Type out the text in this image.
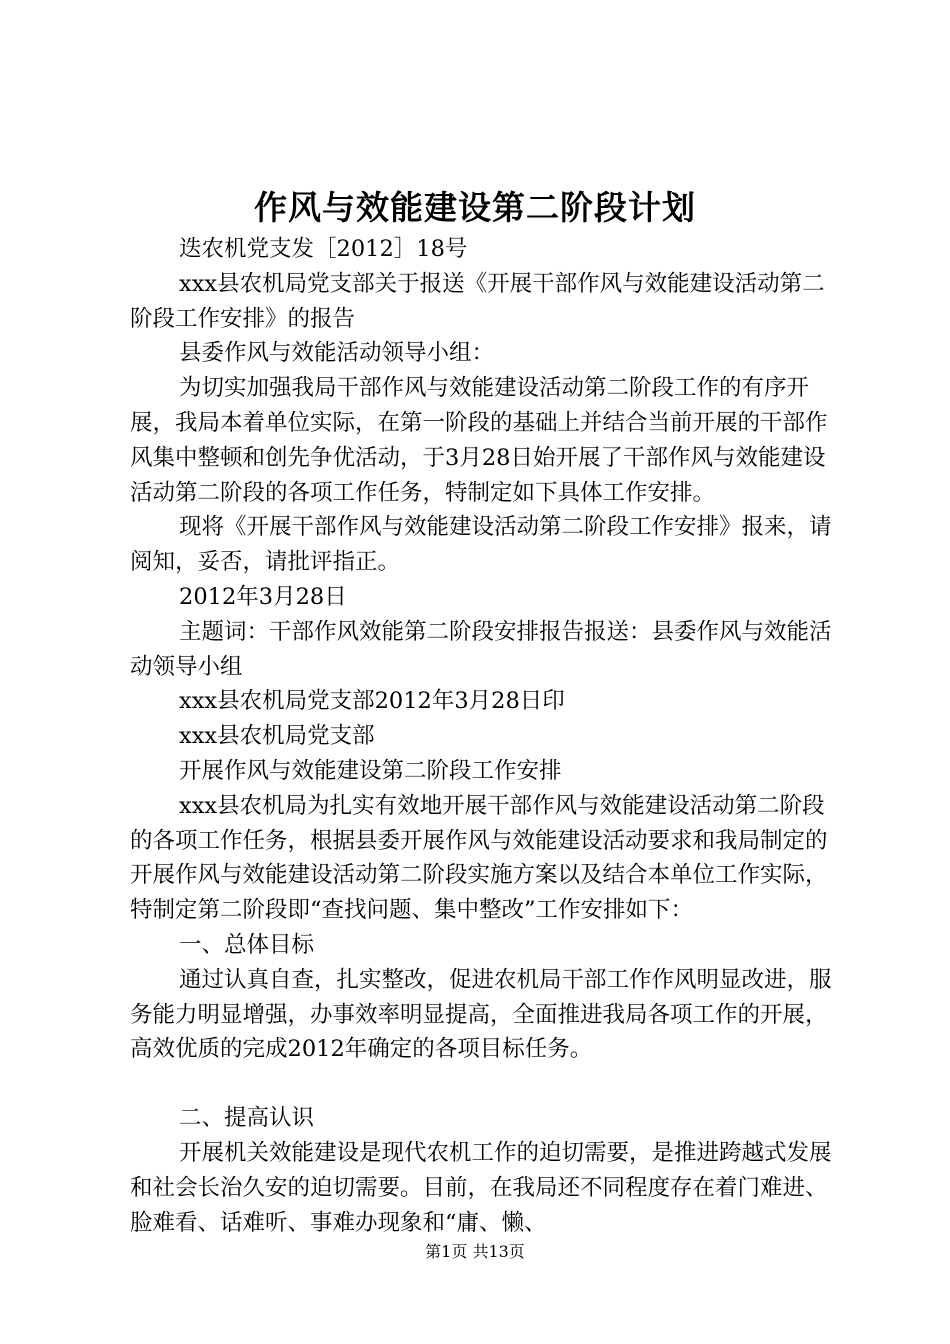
作风与效能建设第二阶段计划

迭农机党支发［2012］18号

xxx县农机局党支部关于报送《开展干部作风与效能建设活动第二阶段工作安排》的报告

县委作风与效能活动领导小组：

为切实加强我局干部作风与效能建设活动第二阶段工作的有序开展，我局本着单位实际，在第一阶段的基础上并结合当前开展的干部作风集中整顿和创先争优活动，于3月28日始开展了干部作风与效能建设活动第二阶段的各项工作任务，特制定如下具体工作安排。

现将《开展干部作风与效能建设活动第二阶段工作安排》报来，请阅知，妥否，请批评指正。

2012年3月28日

主题词：干部作风效能第二阶段安排报告报送：县委作风与效能活动领导小组

xxx县农机局党支部2012年3月28日印

xxx县农机局党支部

开展作风与效能建设第二阶段工作安排

xxx县农机局为扎实有效地开展干部作风与效能建设活动第二阶段的各项工作任务，根据县委开展作风与效能建设活动要求和我局制定的开展作风与效能建设活动第二阶段实施方案以及结合本单位工作实际，特制定第二阶段即“查找问题、集中整改”工作安排如下：

一、总体目标

通过认真自查，扎实整改，促进农机局干部工作作风明显改进，服务能力明显增强，办事效率明显提高，全面推进我局各项工作的开展，高效优质的完成2012年确定的各项目标任务。

二、提高认识

开展机关效能建设是现代农机工作的迫切需要，是推进跨越式发展和社会长治久安的迫切需要。目前，在我局还不同程度存在着门难进、脸难看、话难听、事难办现象和“庸、懒、

第1页 共13页
